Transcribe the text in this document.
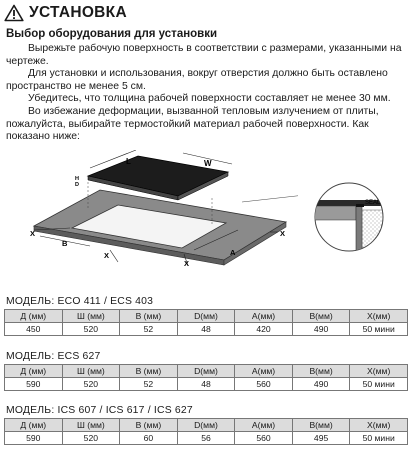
УСТАНОВКА
Выбор оборудования для установки

Вырежьте рабочую поверхность в соответствии с размерами, указанными на чертеже.

Для установки и использования, вокруг отверстия должно быть оставлено пространство не менее 5 см.

Убедитесь, что толщина рабочей поверхности составляет не менее 30 мм.

Во избежание деформации, вызванной тепловым излучением от плиты, пожалуйста, выбирайте термостойкий материал рабочей поверхности. Как показано ниже:

L	W
H
D
X
X
X
X
B
A
SEAL
МОДЕЛЬ: ECO 411 / ECS 403
Д (мм)	Ш (мм)	В (мм)	D(мм)	А(мм)	В(мм)	Х(мм)
450	520	52	48	420	490	50 мини
МОДЕЛЬ: ECS 627
Д (мм)	Ш (мм)	В (мм)	D(мм)	А(мм)	В(мм)	Х(мм)
590	520	52	48	560	490	50 мини
МОДЕЛЬ: ICS 607 / ICS 617 / ICS 627
Д (мм)	Ш (мм)	В (мм)	D(мм)	А(мм)	В(мм)	Х(мм)
590	520	60	56	560	495	50 мини
